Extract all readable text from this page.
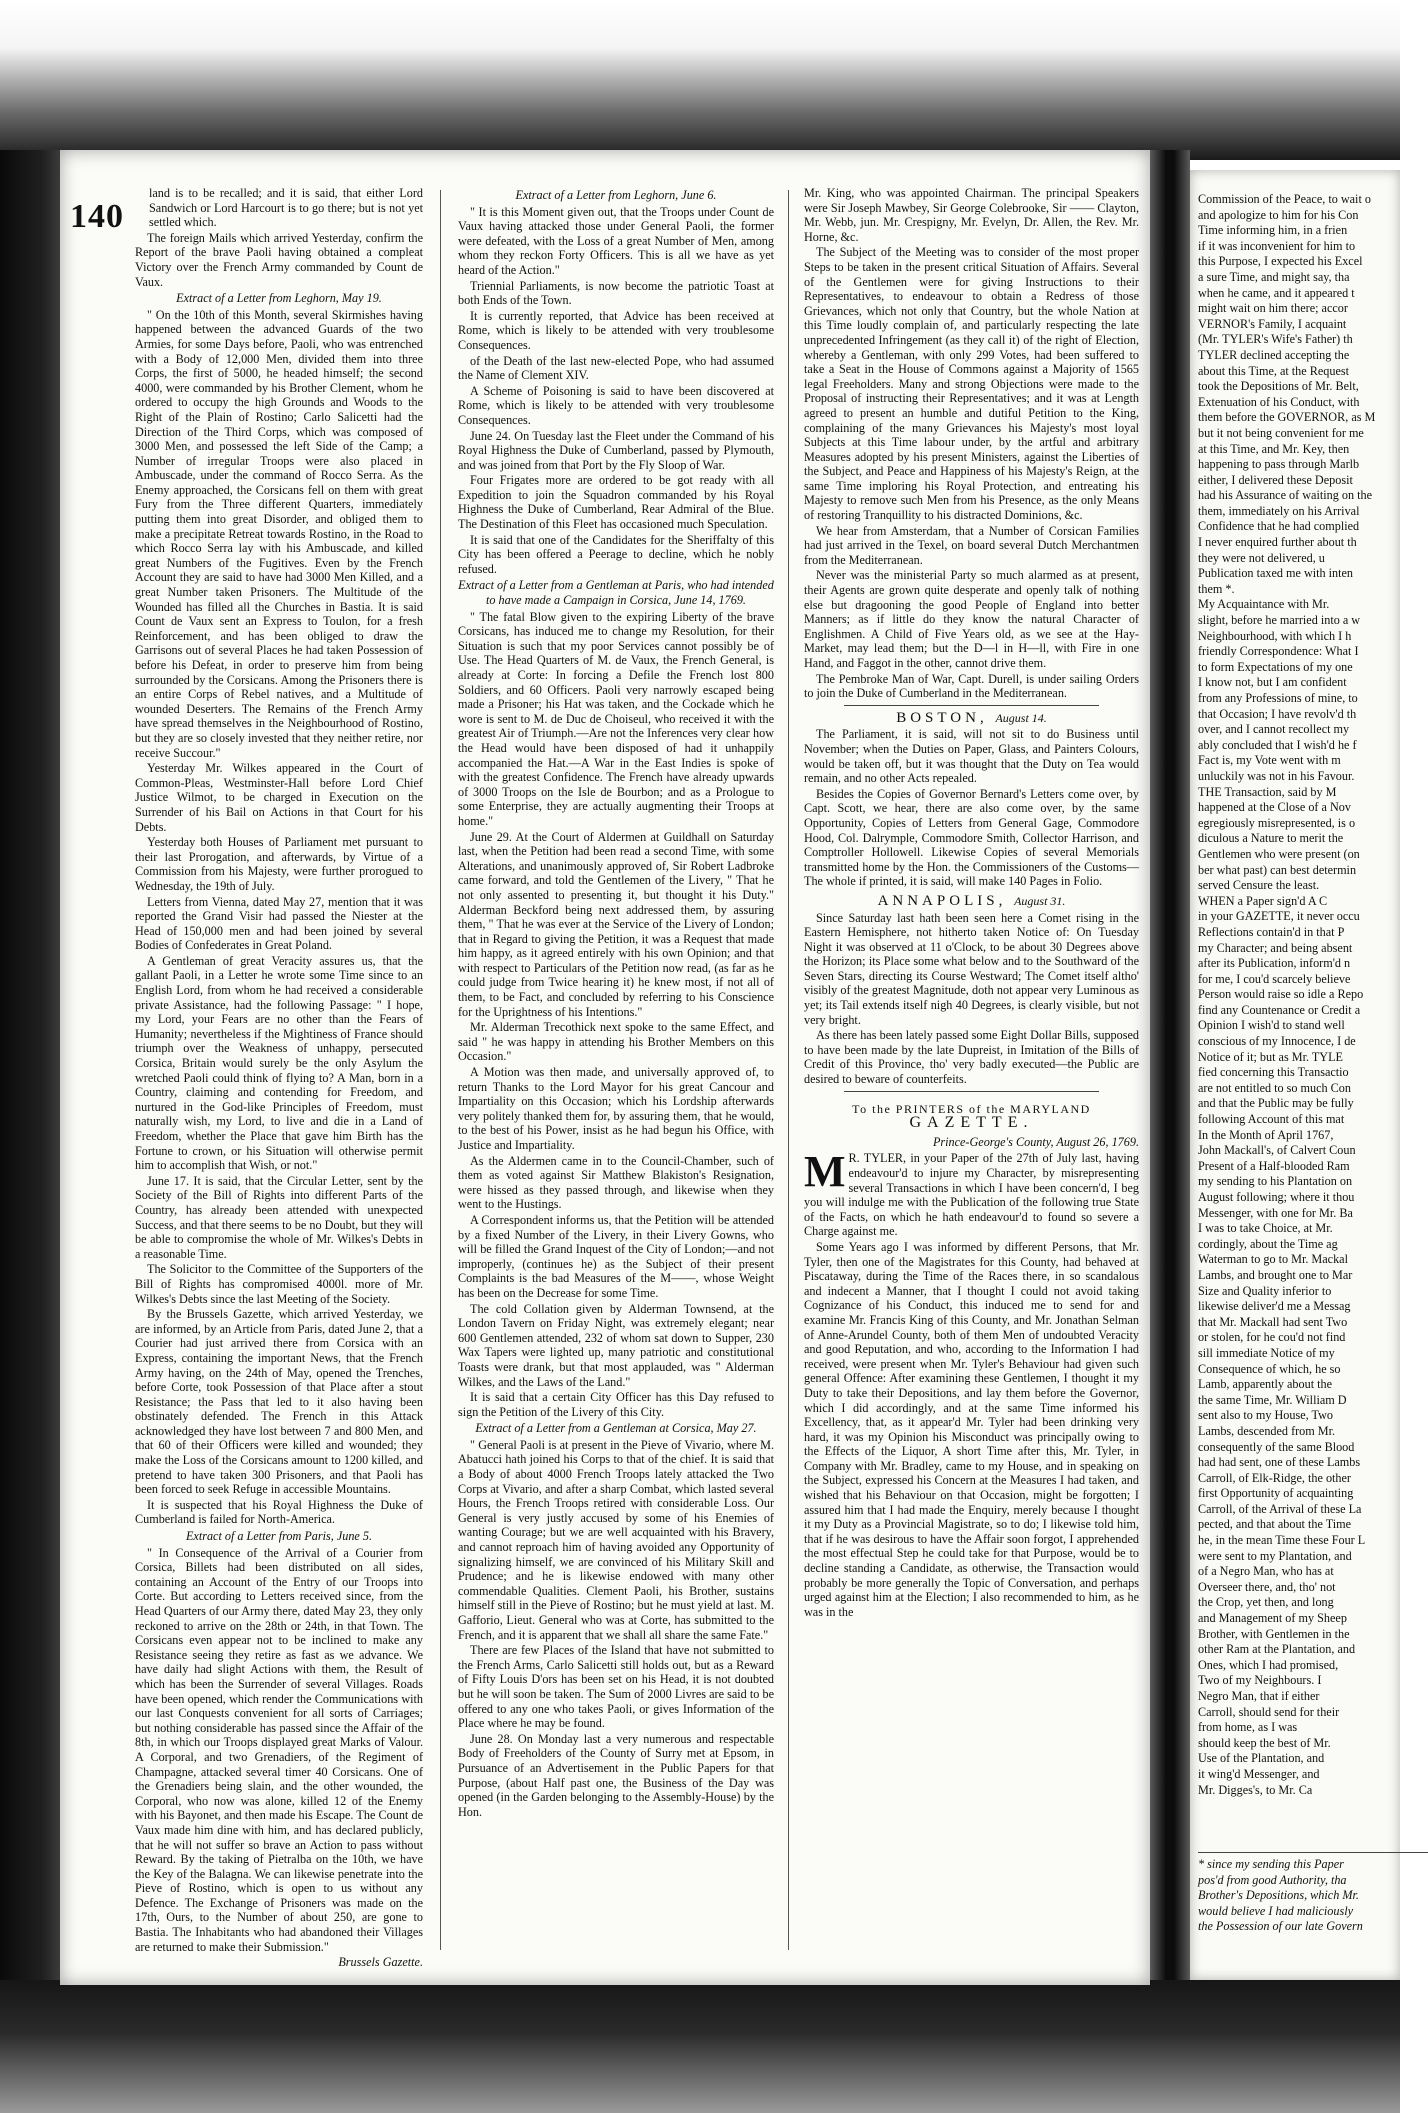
140

land is to be recalled; and it is said, that either Lord Sandwich or Lord Harcourt is to go there; but is not yet settled which.

The foreign Mails which arrived Yesterday, confirm the Report of the brave Paoli having obtained a compleat Victory over the French Army commanded by Count de Vaux.

Extract of a Letter from Leghorn, May 19.

" On the 10th of this Month, several Skirmishes having happened between the advanced Guards of the two Armies, for some Days before, Paoli, who was entrenched with a Body of 12,000 Men, divided them into three Corps, the first of 5000, he headed himself; the second 4000, were commanded by his Brother Clement, whom he ordered to occupy the high Grounds and Woods to the Right of the Plain of Rostino; Carlo Salicetti had the Direction of the Third Corps, which was composed of 3000 Men, and possessed the left Side of the Camp; a Number of irregular Troops were also placed in Ambuscade, under the command of Rocco Serra. As the Enemy approached, the Corsicans fell on them with great Fury from the Three different Quarters, immediately putting them into great Disorder, and obliged them to make a precipitate Retreat towards Rostino, in the Road to which Rocco Serra lay with his Ambuscade, and killed great Numbers of the Fugitives. Even by the French Account they are said to have had 3000 Men Killed, and a great Number taken Prisoners. The Multitude of the Wounded has filled all the Churches in Bastia. It is said Count de Vaux sent an Express to Toulon, for a fresh Reinforcement, and has been obliged to draw the Garrisons out of several Places he had taken Possession of before his Defeat, in order to preserve him from being surrounded by the Corsicans. Among the Prisoners there is an entire Corps of Rebel natives, and a Multitude of wounded Deserters. The Remains of the French Army have spread themselves in the Neighbourhood of Rostino, but they are so closely invested that they neither retire, nor receive Succour."

Yesterday Mr. Wilkes appeared in the Court of Common-Pleas, Westminster-Hall before Lord Chief Justice Wilmot, to be charged in Execution on the Surrender of his Bail on Actions in that Court for his Debts.

Yesterday both Houses of Parliament met pursuant to their last Prorogation, and afterwards, by Virtue of a Commission from his Majesty, were further prorogued to Wednesday, the 19th of July.

Letters from Vienna, dated May 27, mention that it was reported the Grand Visir had passed the Niester at the Head of 150,000 men and had been joined by several Bodies of Confederates in Great Poland.

A Gentleman of great Veracity assures us, that the gallant Paoli, in a Letter he wrote some Time since to an English Lord, from whom he had received a considerable private Assistance, had the following Passage: " I hope, my Lord, your Fears are no other than the Fears of Humanity; nevertheless if the Mightiness of France should triumph over the Weakness of unhappy, persecuted Corsica, Britain would surely be the only Asylum the wretched Paoli could think of flying to? A Man, born in a Country, claiming and contending for Freedom, and nurtured in the God-like Principles of Freedom, must naturally wish, my Lord, to live and die in a Land of Freedom, whether the Place that gave him Birth has the Fortune to crown, or his Situation will otherwise permit him to accomplish that Wish, or not."

June 17. It is said, that the Circular Letter, sent by the Society of the Bill of Rights into different Parts of the Country, has already been attended with unexpected Success, and that there seems to be no Doubt, but they will be able to compromise the whole of Mr. Wilkes's Debts in a reasonable Time.

The Solicitor to the Committee of the Supporters of the Bill of Rights has compromised 4000l. more of Mr. Wilkes's Debts since the last Meeting of the Society.

By the Brussels Gazette, which arrived Yesterday, we are informed, by an Article from Paris, dated June 2, that a Courier had just arrived there from Corsica with an Express, containing the important News, that the French Army having, on the 24th of May, opened the Trenches, before Corte, took Possession of that Place after a stout Resistance; the Pass that led to it also having been obstinately defended. The French in this Attack acknowledged they have lost between 7 and 800 Men, and that 60 of their Officers were killed and wounded; they make the Loss of the Corsicans amount to 1200 killed, and pretend to have taken 300 Prisoners, and that Paoli has been forced to seek Refuge in accessible Mountains.

It is suspected that his Royal Highness the Duke of Cumberland is failed for North-America.

Extract of a Letter from Paris, June 5.

" In Consequence of the Arrival of a Courier from Corsica, Billets had been distributed on all sides, containing an Account of the Entry of our Troops into Corte. But according to Letters received since, from the Head Quarters of our Army there, dated May 23, they only reckoned to arrive on the 28th or 24th, in that Town. The Corsicans even appear not to be inclined to make any Resistance seeing they retire as fast as we advance. We have daily had slight Actions with them, the Result of which has been the Surrender of several Villages. Roads have been opened, which render the Communications with our last Conquests convenient for all sorts of Carriages; but nothing considerable has passed since the Affair of the 8th, in which our Troops displayed great Marks of Valour. A Corporal, and two Grenadiers, of the Regiment of Champagne, attacked several timer 40 Corsicans. One of the Grenadiers being slain, and the other wounded, the Corporal, who now was alone, killed 12 of the Enemy with his Bayonet, and then made his Escape. The Count de Vaux made him dine with him, and has declared publicly, that he will not suffer so brave an Action to pass without Reward. By the taking of Pietralba on the 10th, we have the Key of the Balagna. We can likewise penetrate into the Pieve of Rostino, which is open to us without any Defence. The Exchange of Prisoners was made on the 17th, Ours, to the Number of about 250, are gone to Bastia. The Inhabitants who had abandoned their Villages are returned to make their Submission."

Brussels Gazette.

Extract of a Letter from Leghorn, June 6.

" It is this Moment given out, that the Troops under Count de Vaux having attacked those under General Paoli, the former were defeated, with the Loss of a great Number of Men, among whom they reckon Forty Officers. This is all we have as yet heard of the Action."

Triennial Parliaments, is now become the patriotic Toast at both Ends of the Town.

It is currently reported, that Advice has been received at Rome, which is likely to be attended with very troublesome Consequences.

of the Death of the last new-elected Pope, who had assumed the Name of Clement XIV.

A Scheme of Poisoning is said to have been discovered at Rome, which is likely to be attended with very troublesome Consequences.

June 24. On Tuesday last the Fleet under the Command of his Royal Highness the Duke of Cumberland, passed by Plymouth, and was joined from that Port by the Fly Sloop of War.

Four Frigates more are ordered to be got ready with all Expedition to join the Squadron commanded by his Royal Highness the Duke of Cumberland, Rear Admiral of the Blue. The Destination of this Fleet has occasioned much Speculation.

It is said that one of the Candidates for the Sheriffalty of this City has been offered a Peerage to decline, which he nobly refused.

Extract of a Letter from a Gentleman at Paris, who had intended to have made a Campaign in Corsica, June 14, 1769.

" The fatal Blow given to the expiring Liberty of the brave Corsicans, has induced me to change my Resolution, for their Situation is such that my poor Services cannot possibly be of Use. The Head Quarters of M. de Vaux, the French General, is already at Corte: In forcing a Defile the French lost 800 Soldiers, and 60 Officers. Paoli very narrowly escaped being made a Prisoner; his Hat was taken, and the Cockade which he wore is sent to M. de Duc de Choiseul, who received it with the greatest Air of Triumph.—Are not the Inferences very clear how the Head would have been disposed of had it unhappily accompanied the Hat.—A War in the East Indies is spoke of with the greatest Confidence. The French have already upwards of 3000 Troops on the Isle de Bourbon; and as a Prologue to some Enterprise, they are actually augmenting their Troops at home."

June 29. At the Court of Aldermen at Guildhall on Saturday last, when the Petition had been read a second Time, with some Alterations, and unanimously approved of, Sir Robert Ladbroke came forward, and told the Gentlemen of the Livery, " That he not only assented to presenting it, but thought it his Duty." Alderman Beckford being next addressed them, by assuring them, " That he was ever at the Service of the Livery of London; that in Regard to giving the Petition, it was a Request that made him happy, as it agreed entirely with his own Opinion; and that with respect to Particulars of the Petition now read, (as far as he could judge from Twice hearing it) he knew most, if not all of them, to be Fact, and concluded by referring to his Conscience for the Uprightness of his Intentions."

Mr. Alderman Trecothick next spoke to the same Effect, and said " he was happy in attending his Brother Members on this Occasion."

A Motion was then made, and universally approved of, to return Thanks to the Lord Mayor for his great Cancour and Impartiality on this Occasion; which his Lordship afterwards very politely thanked them for, by assuring them, that he would, to the best of his Power, insist as he had begun his Office, with Justice and Impartiality.

As the Aldermen came in to the Council-Chamber, such of them as voted against Sir Matthew Blakiston's Resignation, were hissed as they passed through, and likewise when they went to the Hustings.

A Correspondent informs us, that the Petition will be attended by a fixed Number of the Livery, in their Livery Gowns, who will be filled the Grand Inquest of the City of London;—and not improperly, (continues he) as the Subject of their present Complaints is the bad Measures of the M——, whose Weight has been on the Decrease for some Time.

The cold Collation given by Alderman Townsend, at the London Tavern on Friday Night, was extremely elegant; near 600 Gentlemen attended, 232 of whom sat down to Supper, 230 Wax Tapers were lighted up, many patriotic and constitutional Toasts were drank, but that most applauded, was " Alderman Wilkes, and the Laws of the Land."

It is said that a certain City Officer has this Day refused to sign the Petition of the Livery of this City.

Extract of a Letter from a Gentleman at Corsica, May 27.

" General Paoli is at present in the Pieve of Vivario, where M. Abatucci hath joined his Corps to that of the chief. It is said that a Body of about 4000 French Troops lately attacked the Two Corps at Vivario, and after a sharp Combat, which lasted several Hours, the French Troops retired with considerable Loss. Our General is very justly accused by some of his Enemies of wanting Courage; but we are well acquainted with his Bravery, and cannot reproach him of having avoided any Opportunity of signalizing himself, we are convinced of his Military Skill and Prudence; and he is likewise endowed with many other commendable Qualities. Clement Paoli, his Brother, sustains himself still in the Pieve of Rostino; but he must yield at last. M. Gafforio, Lieut. General who was at Corte, has submitted to the French, and it is apparent that we shall all share the same Fate."

There are few Places of the Island that have not submitted to the French Arms, Carlo Salicetti still holds out, but as a Reward of Fifty Louis D'ors has been set on his Head, it is not doubted but he will soon be taken. The Sum of 2000 Livres are said to be offered to any one who takes Paoli, or gives Information of the Place where he may be found.

June 28. On Monday last a very numerous and respectable Body of Freeholders of the County of Surry met at Epsom, in Pursuance of an Advertisement in the Public Papers for that Purpose, (about Half past one, the Business of the Day was opened (in the Garden belonging to the Assembly-House) by the Hon.

Mr. King, who was appointed Chairman. The principal Speakers were Sir Joseph Mawbey, Sir George Colebrooke, Sir —— Clayton, Mr. Webb, jun. Mr. Crespigny, Mr. Evelyn, Dr. Allen, the Rev. Mr. Horne, &c.

The Subject of the Meeting was to consider of the most proper Steps to be taken in the present critical Situation of Affairs. Several of the Gentlemen were for giving Instructions to their Representatives, to endeavour to obtain a Redress of those Grievances, which not only that Country, but the whole Nation at this Time loudly complain of, and particularly respecting the late unprecedented Infringement (as they call it) of the right of Election, whereby a Gentleman, with only 299 Votes, had been suffered to take a Seat in the House of Commons against a Majority of 1565 legal Freeholders. Many and strong Objections were made to the Proposal of instructing their Representatives; and it was at Length agreed to present an humble and dutiful Petition to the King, complaining of the many Grievances his Majesty's most loyal Subjects at this Time labour under, by the artful and arbitrary Measures adopted by his present Ministers, against the Liberties of the Subject, and Peace and Happiness of his Majesty's Reign, at the same Time imploring his Royal Protection, and entreating his Majesty to remove such Men from his Presence, as the only Means of restoring Tranquillity to his distracted Dominions, &c.

We hear from Amsterdam, that a Number of Corsican Families had just arrived in the Texel, on board several Dutch Merchantmen from the Mediterranean.

Never was the ministerial Party so much alarmed as at present, their Agents are grown quite desperate and openly talk of nothing else but dragooning the good People of England into better Manners; as if little do they know the natural Character of Englishmen. A Child of Five Years old, as we see at the Hay-Market, may lead them; but the D—l in H—ll, with Fire in one Hand, and Faggot in the other, cannot drive them.

The Pembroke Man of War, Capt. Durell, is under sailing Orders to join the Duke of Cumberland in the Mediterranean.

BOSTON, August 14.

The Parliament, it is said, will not sit to do Business until November; when the Duties on Paper, Glass, and Painters Colours, would be taken off, but it was thought that the Duty on Tea would remain, and no other Acts repealed.

Besides the Copies of Governor Bernard's Letters come over, by Capt. Scott, we hear, there are also come over, by the same Opportunity, Copies of Letters from General Gage, Commodore Hood, Col. Dalrymple, Commodore Smith, Collector Harrison, and Comptroller Hollowell. Likewise Copies of several Memorials transmitted home by the Hon. the Commissioners of the Customs—The whole if printed, it is said, will make 140 Pages in Folio.

ANNAPOLIS, August 31.

Since Saturday last hath been seen here a Comet rising in the Eastern Hemisphere, not hitherto taken Notice of: On Tuesday Night it was observed at 11 o'Clock, to be about 30 Degrees above the Horizon; its Place some what below and to the Southward of the Seven Stars, directing its Course Westward; The Comet itself altho' visibly of the greatest Magnitude, doth not appear very Luminous as yet; its Tail extends itself nigh 40 Degrees, is clearly visible, but not very bright.

As there has been lately passed some Eight Dollar Bills, supposed to have been made by the late Dupreist, in Imitation of the Bills of Credit of this Province, tho' very badly executed—the Public are desired to beware of counterfeits.

To the PRINTERS of the MARYLAND

GAZETTE.

Prince-George's County, August 26, 1769.

M R. TYLER, in your Paper of the 27th of July last, having endeavour'd to injure my Character, by misrepresenting several Transactions in which I have been concern'd, I beg you will indulge me with the Publication of the following true State of the Facts, on which he hath endeavour'd to found so severe a Charge against me.

Some Years ago I was informed by different Persons, that Mr. Tyler, then one of the Magistrates for this County, had behaved at Piscataway, during the Time of the Races there, in so scandalous and indecent a Manner, that I thought I could not avoid taking Cognizance of his Conduct, this induced me to send for and examine Mr. Francis King of this County, and Mr. Jonathan Selman of Anne-Arundel County, both of them Men of undoubted Veracity and good Reputation, and who, according to the Information I had received, were present when Mr. Tyler's Behaviour had given such general Offence: After examining these Gentlemen, I thought it my Duty to take their Depositions, and lay them before the Governor, which I did accordingly, and at the same Time informed his Excellency, that, as it appear'd Mr. Tyler had been drinking very hard, it was my Opinion his Misconduct was principally owing to the Effects of the Liquor, A short Time after this, Mr. Tyler, in Company with Mr. Bradley, came to my House, and in speaking on the Subject, expressed his Concern at the Measures I had taken, and wished that his Behaviour on that Occasion, might be forgotten; I assured him that I had made the Enquiry, merely because I thought it my Duty as a Provincial Magistrate, so to do; I likewise told him, that if he was desirous to have the Affair soon forgot, I apprehended the most effectual Step he could take for that Purpose, would be to decline standing a Candidate, as otherwise, the Transaction would probably be more generally the Topic of Conversation, and perhaps urged against him at the Election; I also recommended to him, as he was in the

Commission of the Peace, to wait o

and apologize to him for his Con

Time informing him, in a frien

if it was inconvenient for him to

this Purpose, I expected his Excel

a sure Time, and might say, tha

when he came, and it appeared t

might wait on him there; accor

VERNOR's Family, I acquaint

(Mr. TYLER's Wife's Father) th

TYLER declined accepting the

about this Time, at the Request

took the Depositions of Mr. Belt,

Extenuation of his Conduct, with

them before the GOVERNOR, as M

but it not being convenient for me

at this Time, and Mr. Key, then

happening to pass through Marlb

either, I delivered these Deposit

had his Assurance of waiting on the

them, immediately on his Arrival

Confidence that he had complied

I never enquired further about th

they were not delivered, u

Publication taxed me with inten

them *.

My Acquaintance with Mr.

slight, before he married into a w

Neighbourhood, with which I h

friendly Correspondence: What I

to form Expectations of my one

I know not, but I am confident

from any Professions of mine, to

that Occasion; I have revolv'd th

over, and I cannot recollect my

ably concluded that I wish'd he f

Fact is, my Vote went with m

unluckily was not in his Favour.

THE Transaction, said by M

happened at the Close of a Nov

egregiously misrepresented, is o

diculous a Nature to merit the

Gentlemen who were present (on

ber what past) can best determin

served Censure the least.

WHEN a Paper sign'd A C

in your GAZETTE, it never occu

Reflections contain'd in that P

my Character; and being absent

after its Publication, inform'd n

for me, I cou'd scarcely believe

Person would raise so idle a Repo

find any Countenance or Credit a

Opinion I wish'd to stand well

conscious of my Innocence, I de

Notice of it; but as Mr. TYLE

fied concerning this Transactio

are not entitled to so much Con

and that the Public may be fully

following Account of this mat

In the Month of April 1767,

John Mackall's, of Calvert Coun

Present of a Half-blooded Ram

my sending to his Plantation on

August following; where it thou

Messenger, with one for Mr. Ba

I was to take Choice, at Mr.

cordingly, about the Time ag

Waterman to go to Mr. Mackal

Lambs, and brought one to Mar

Size and Quality inferior to

likewise deliver'd me a Messag

that Mr. Mackall had sent Two

or stolen, for he cou'd not find

sill immediate Notice of my

Consequence of which, he so

Lamb, apparently about the

the same Time, Mr. William D

sent also to my House, Two

Lambs, descended from Mr.

consequently of the same Blood

had had sent, one of these Lambs

Carroll, of Elk-Ridge, the other

first Opportunity of acquainting

Carroll, of the Arrival of these La

pected, and that about the Time

he, in the mean Time these Four L

were sent to my Plantation, and

of a Negro Man, who has at

Overseer there, and, tho' not

the Crop, yet then, and long

and Management of my Sheep

Brother, with Gentlemen in the

other Ram at the Plantation, and

Ones, which I had promised,

Two of my Neighbours. I

Negro Man, that if either

Carroll, should send for their

from home, as I was

should keep the best of Mr.

Use of the Plantation, and

it wing'd Messenger, and

Mr. Digges's, to Mr. Ca

* since my sending this Paper

pos'd from good Authority, tha

Brother's Depositions, which Mr.

would believe I had maliciously

the Possession of our late Govern
